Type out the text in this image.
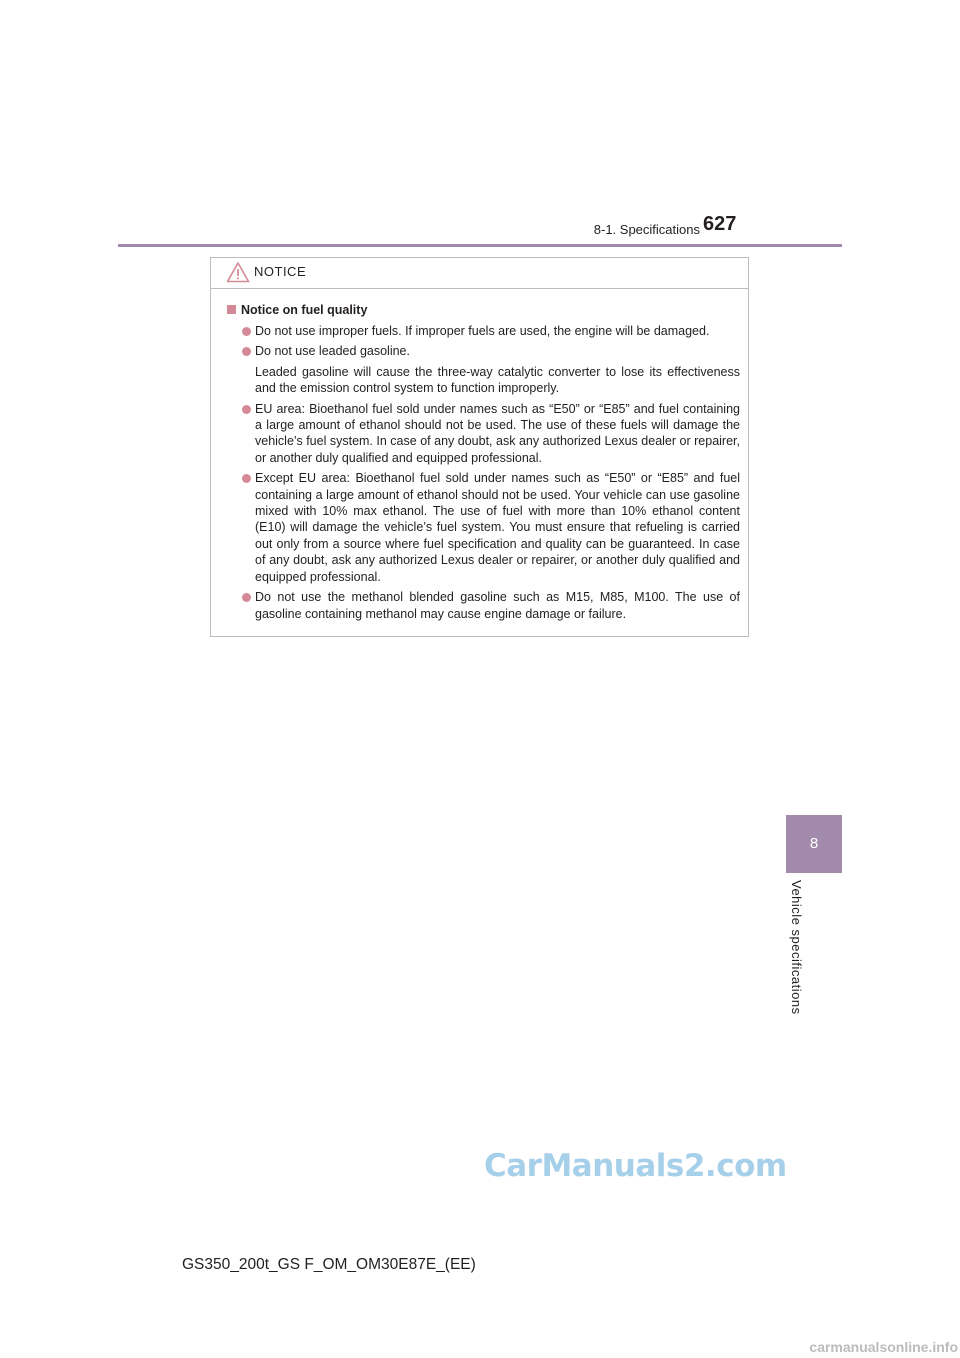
8-1. Specifications 627
NOTICE
Notice on fuel quality

Do not use improper fuels. If improper fuels are used, the engine will be damaged.

Do not use leaded gasoline.

Leaded gasoline will cause the three-way catalytic converter to lose its effectiveness and the emission control system to function improperly.

EU area: Bioethanol fuel sold under names such as “E50” or “E85” and fuel containing a large amount of ethanol should not be used. The use of these fuels will damage the vehicle’s fuel system. In case of any doubt, ask any authorized Lexus dealer or repairer, or another duly qualified and equipped professional.

Except EU area: Bioethanol fuel sold under names such as “E50” or “E85” and fuel containing a large amount of ethanol should not be used. Your vehicle can use gasoline mixed with 10% max ethanol. The use of fuel with more than 10% ethanol content (E10) will damage the vehicle’s fuel system. You must ensure that refueling is carried out only from a source where fuel specification and quality can be guaranteed. In case of any doubt, ask any authorized Lexus dealer or repairer, or another duly qualified and equipped professional.

Do not use the methanol blended gasoline such as M15, M85, M100. The use of gasoline containing methanol may cause engine damage or failure.

8
Vehicle specifications
CarManuals2.com
GS350_200t_GS F_OM_OM30E87E_(EE)
carmanualsonline.info
